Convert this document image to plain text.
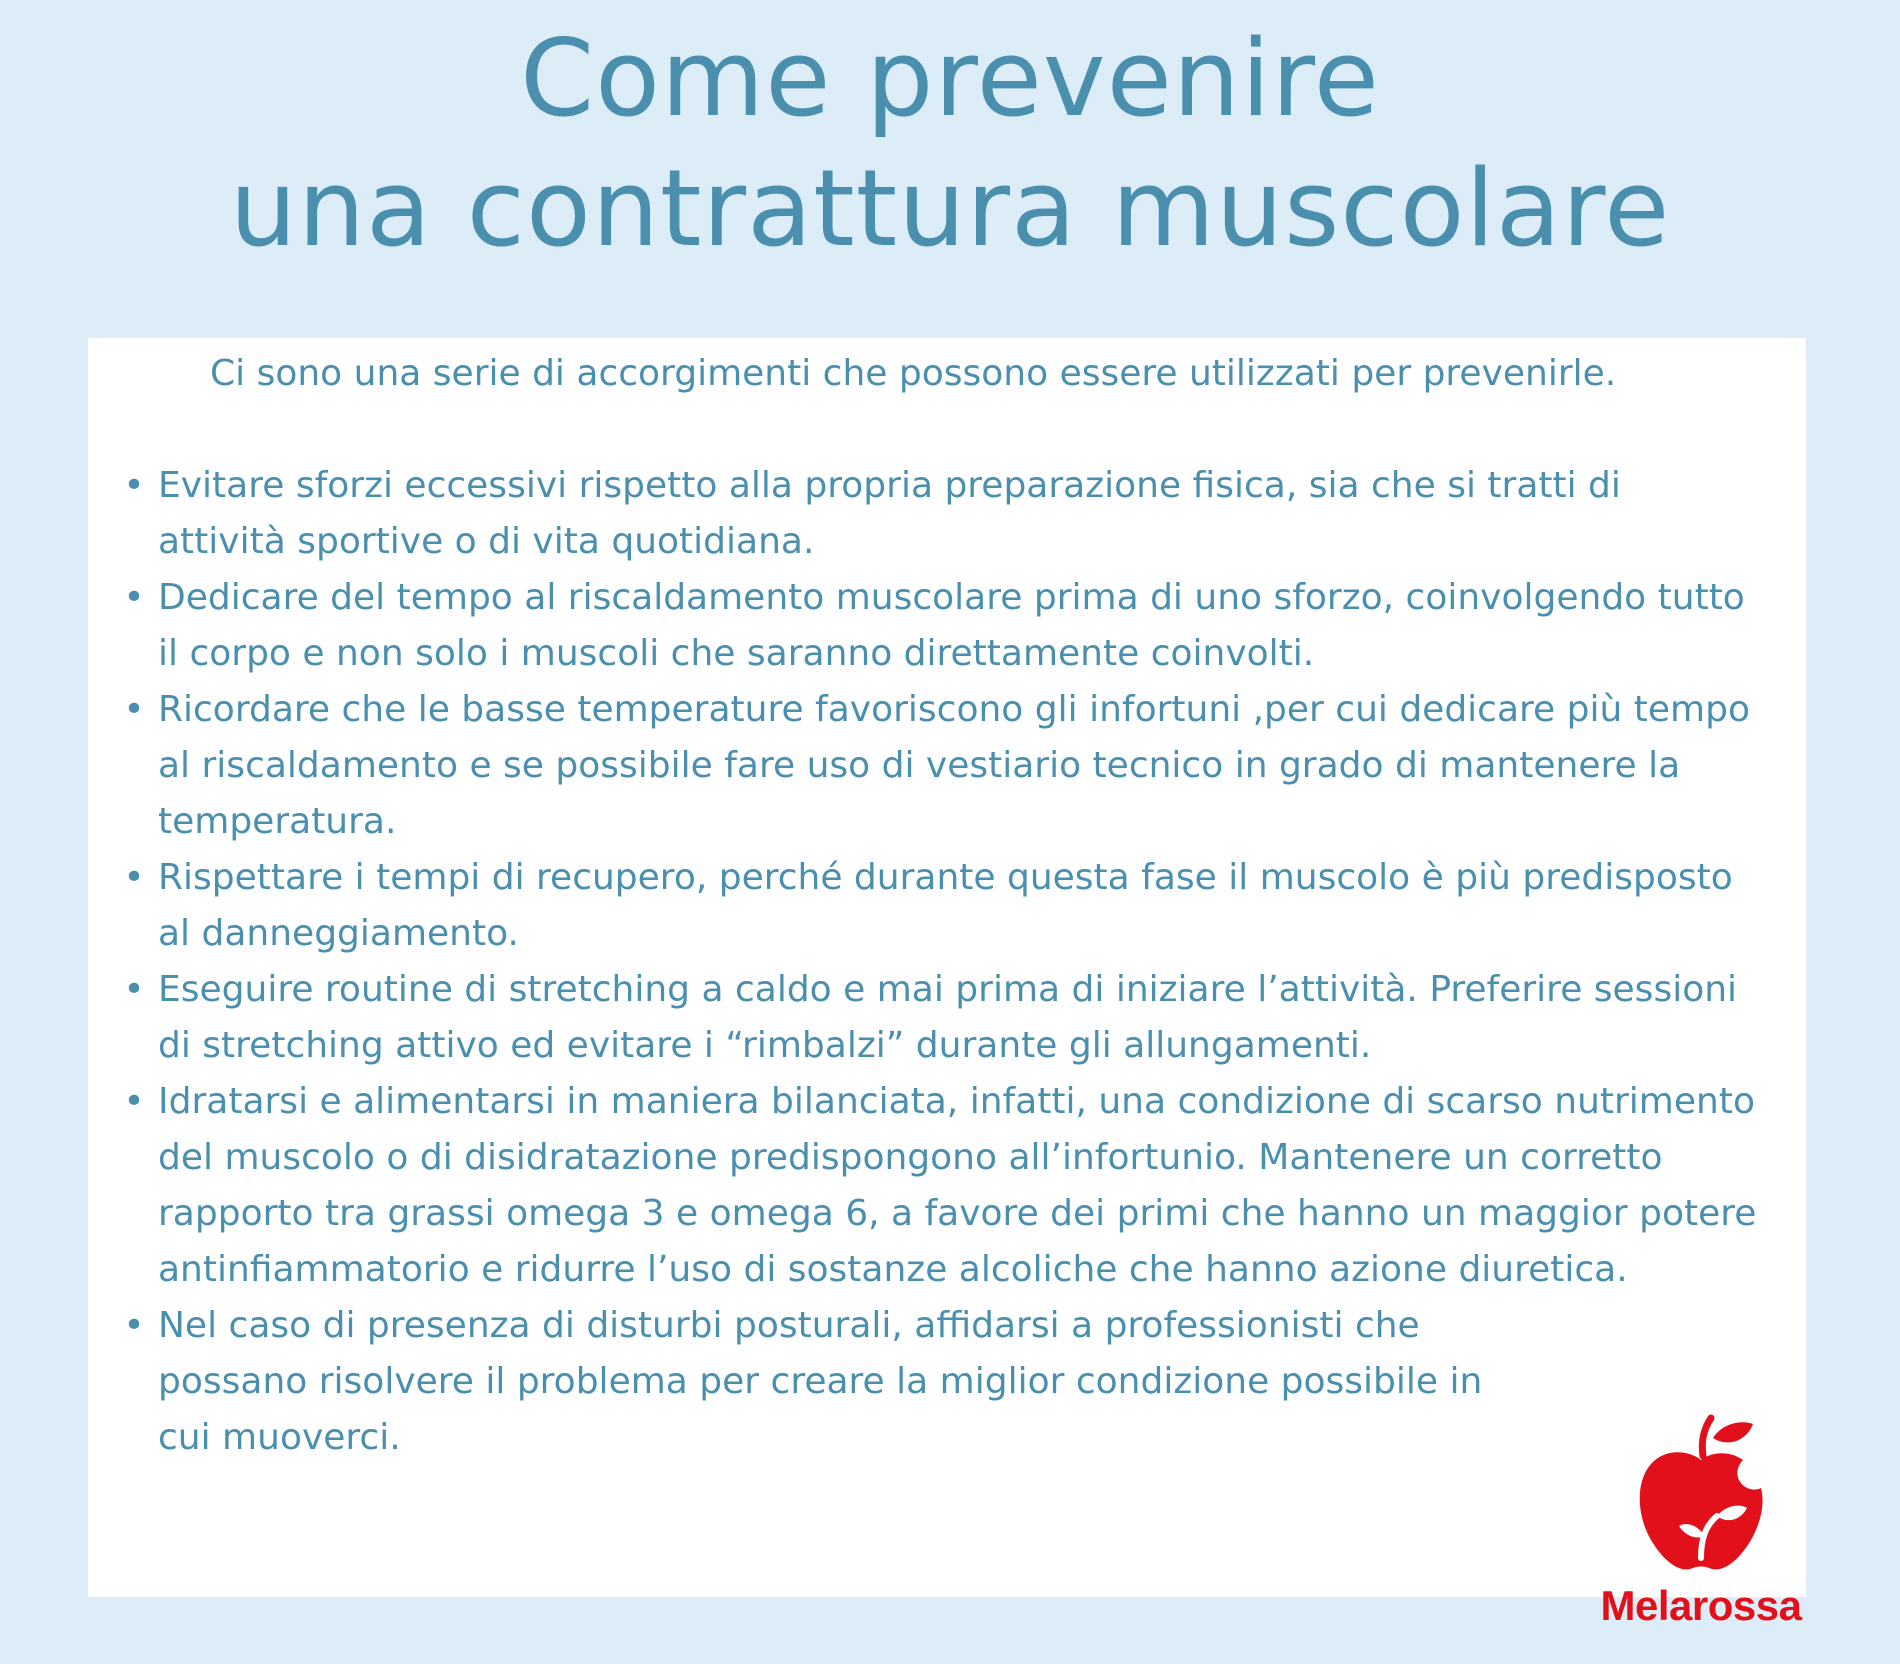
Come prevenire
una contrattura muscolare

Ci sono una serie di accorgimenti che possono essere utilizzati per prevenirle.

• Evitare sforzi eccessivi rispetto alla propria preparazione fisica, sia che si tratti di attività sportive o di vita quotidiana.
• Dedicare del tempo al riscaldamento muscolare prima di uno sforzo, coinvolgendo tutto il corpo e non solo i muscoli che saranno direttamente coinvolti.
• Ricordare che le basse temperature favoriscono gli infortuni ,per cui dedicare più tempo al riscaldamento e se possibile fare uso di vestiario tecnico in grado di mantenere la temperatura.
• Rispettare i tempi di recupero, perché durante questa fase il muscolo è più predisposto al danneggiamento.
• Eseguire routine di stretching a caldo e mai prima di iniziare l’attività. Preferire sessioni di stretching attivo ed evitare i “rimbalzi” durante gli allungamenti.
• Idratarsi e alimentarsi in maniera bilanciata, infatti, una condizione di scarso nutrimento del muscolo o di disidratazione predispongono all’infortunio. Mantenere un corretto rapporto tra grassi omega 3 e omega 6, a favore dei primi che hanno un maggior potere antinfiammatorio e ridurre l’uso di sostanze alcoliche che hanno azione diuretica.
• Nel caso di presenza di disturbi posturali, affidarsi a professionisti che possano risolvere il problema per creare la miglior condizione possibile in cui muoverci.
Melarossa
